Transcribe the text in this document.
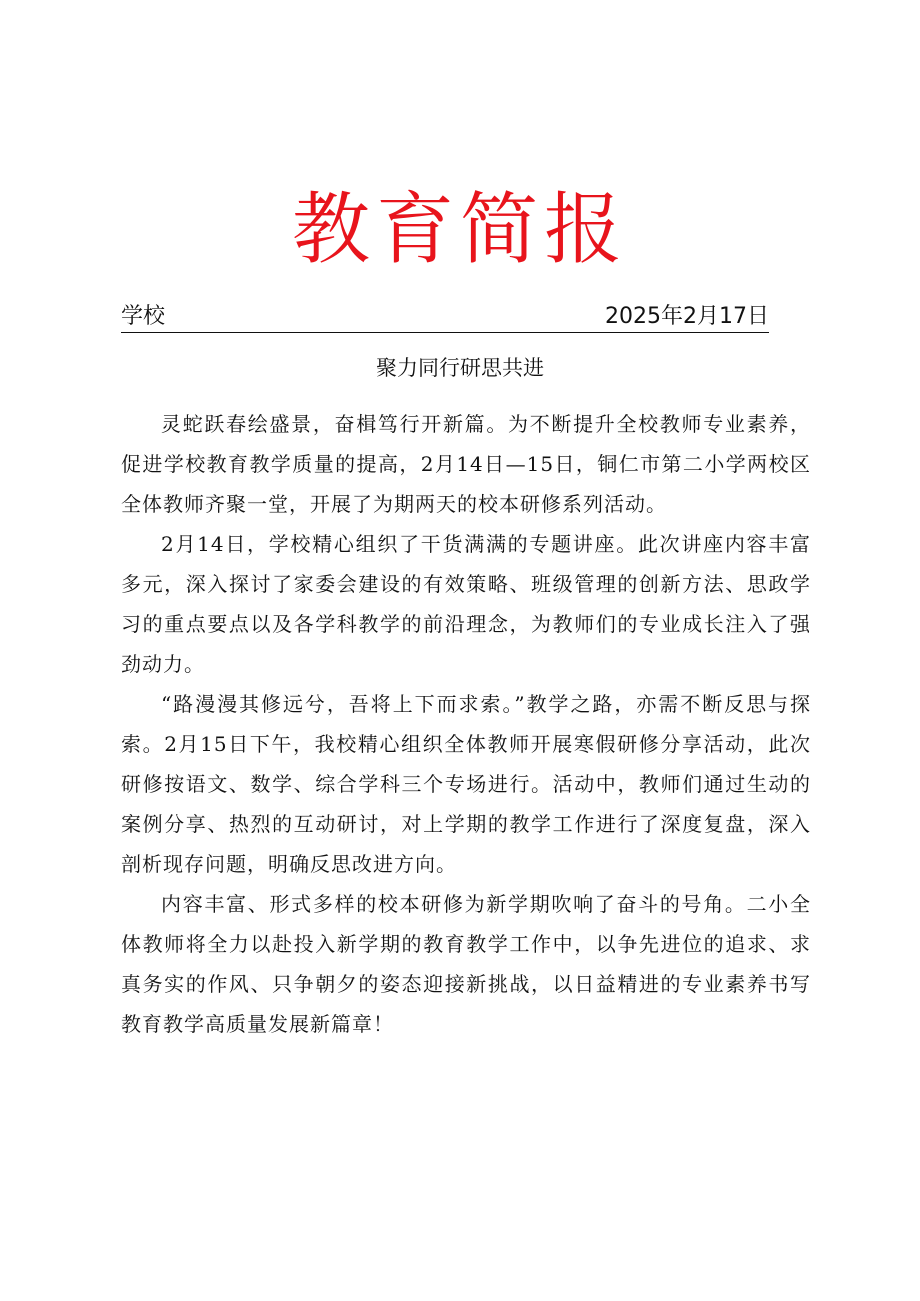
教育简报
学校	2025年2月17日
聚力同行研思共进

灵蛇跃春绘盛景，奋楫笃行开新篇。为不断提升全校教师专业素养，促进学校教育教学质量的提高，2月14日—15日，铜仁市第二小学两校区全体教师齐聚一堂，开展了为期两天的校本研修系列活动。

2月14日，学校精心组织了干货满满的专题讲座。此次讲座内容丰富多元，深入探讨了家委会建设的有效策略、班级管理的创新方法、思政学习的重点要点以及各学科教学的前沿理念，为教师们的专业成长注入了强劲动力。

“路漫漫其修远兮，吾将上下而求索。”教学之路，亦需不断反思与探索。2月15日下午，我校精心组织全体教师开展寒假研修分享活动，此次研修按语文、数学、综合学科三个专场进行。活动中，教师们通过生动的案例分享、热烈的互动研讨，对上学期的教学工作进行了深度复盘，深入剖析现存问题，明确反思改进方向。

内容丰富、形式多样的校本研修为新学期吹响了奋斗的号角。二小全体教师将全力以赴投入新学期的教育教学工作中，以争先进位的追求、求真务实的作风、只争朝夕的姿态迎接新挑战，以日益精进的专业素养书写教育教学高质量发展新篇章！
